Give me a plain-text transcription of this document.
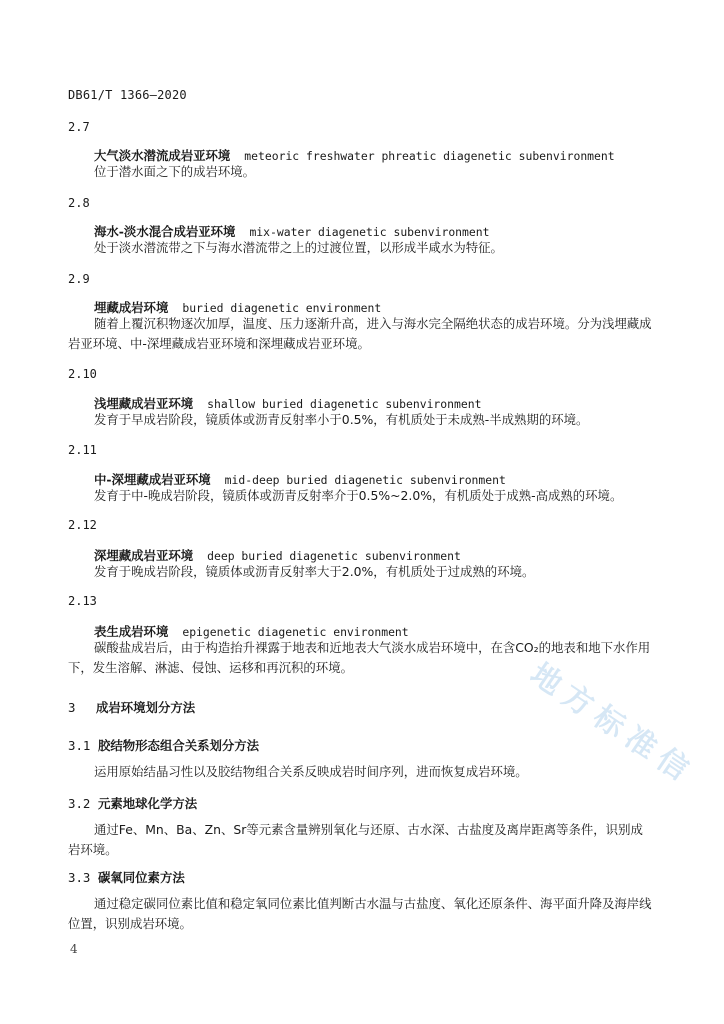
DB61/T 1366—2020
2.7
大气淡水潜流成岩亚环境 meteoric freshwater phreatic diagenetic subenvironment
位于潜水面之下的成岩环境。
2.8
海水-淡水混合成岩亚环境 mix-water diagenetic subenvironment
处于淡水潜流带之下与海水潜流带之上的过渡位置，以形成半咸水为特征。
2.9
埋藏成岩环境 buried diagenetic environment
随着上覆沉积物逐次加厚，温度、压力逐渐升高，进入与海水完全隔绝状态的成岩环境。分为浅埋藏成岩亚环境、中-深埋藏成岩亚环境和深埋藏成岩亚环境。
2.10
浅埋藏成岩亚环境 shallow buried diagenetic subenvironment
发育于早成岩阶段，镜质体或沥青反射率小于0.5%，有机质处于未成熟-半成熟期的环境。
2.11
中-深埋藏成岩亚环境 mid-deep buried diagenetic subenvironment
发育于中-晚成岩阶段，镜质体或沥青反射率介于0.5%~2.0%，有机质处于成熟-高成熟的环境。
2.12
深埋藏成岩亚环境 deep buried diagenetic subenvironment
发育于晚成岩阶段，镜质体或沥青反射率大于2.0%，有机质处于过成熟的环境。
2.13
表生成岩环境 epigenetic diagenetic environment
碳酸盐成岩后，由于构造抬升裸露于地表和近地表大气淡水成岩环境中，在含CO₂的地表和地下水作用下，发生溶解、淋滤、侵蚀、运移和再沉积的环境。
3 成岩环境划分方法
3.1 胶结物形态组合关系划分方法
运用原始结晶习性以及胶结物组合关系反映成岩时间序列，进而恢复成岩环境。
3.2 元素地球化学方法
通过Fe、Mn、Ba、Zn、Sr等元素含量辨别氧化与还原、古水深、古盐度及离岸距离等条件，识别成岩环境。
3.3 碳氧同位素方法
通过稳定碳同位素比值和稳定氧同位素比值判断古水温与古盐度、氧化还原条件、海平面升降及海岸线位置，识别成岩环境。
4
地方标准信
